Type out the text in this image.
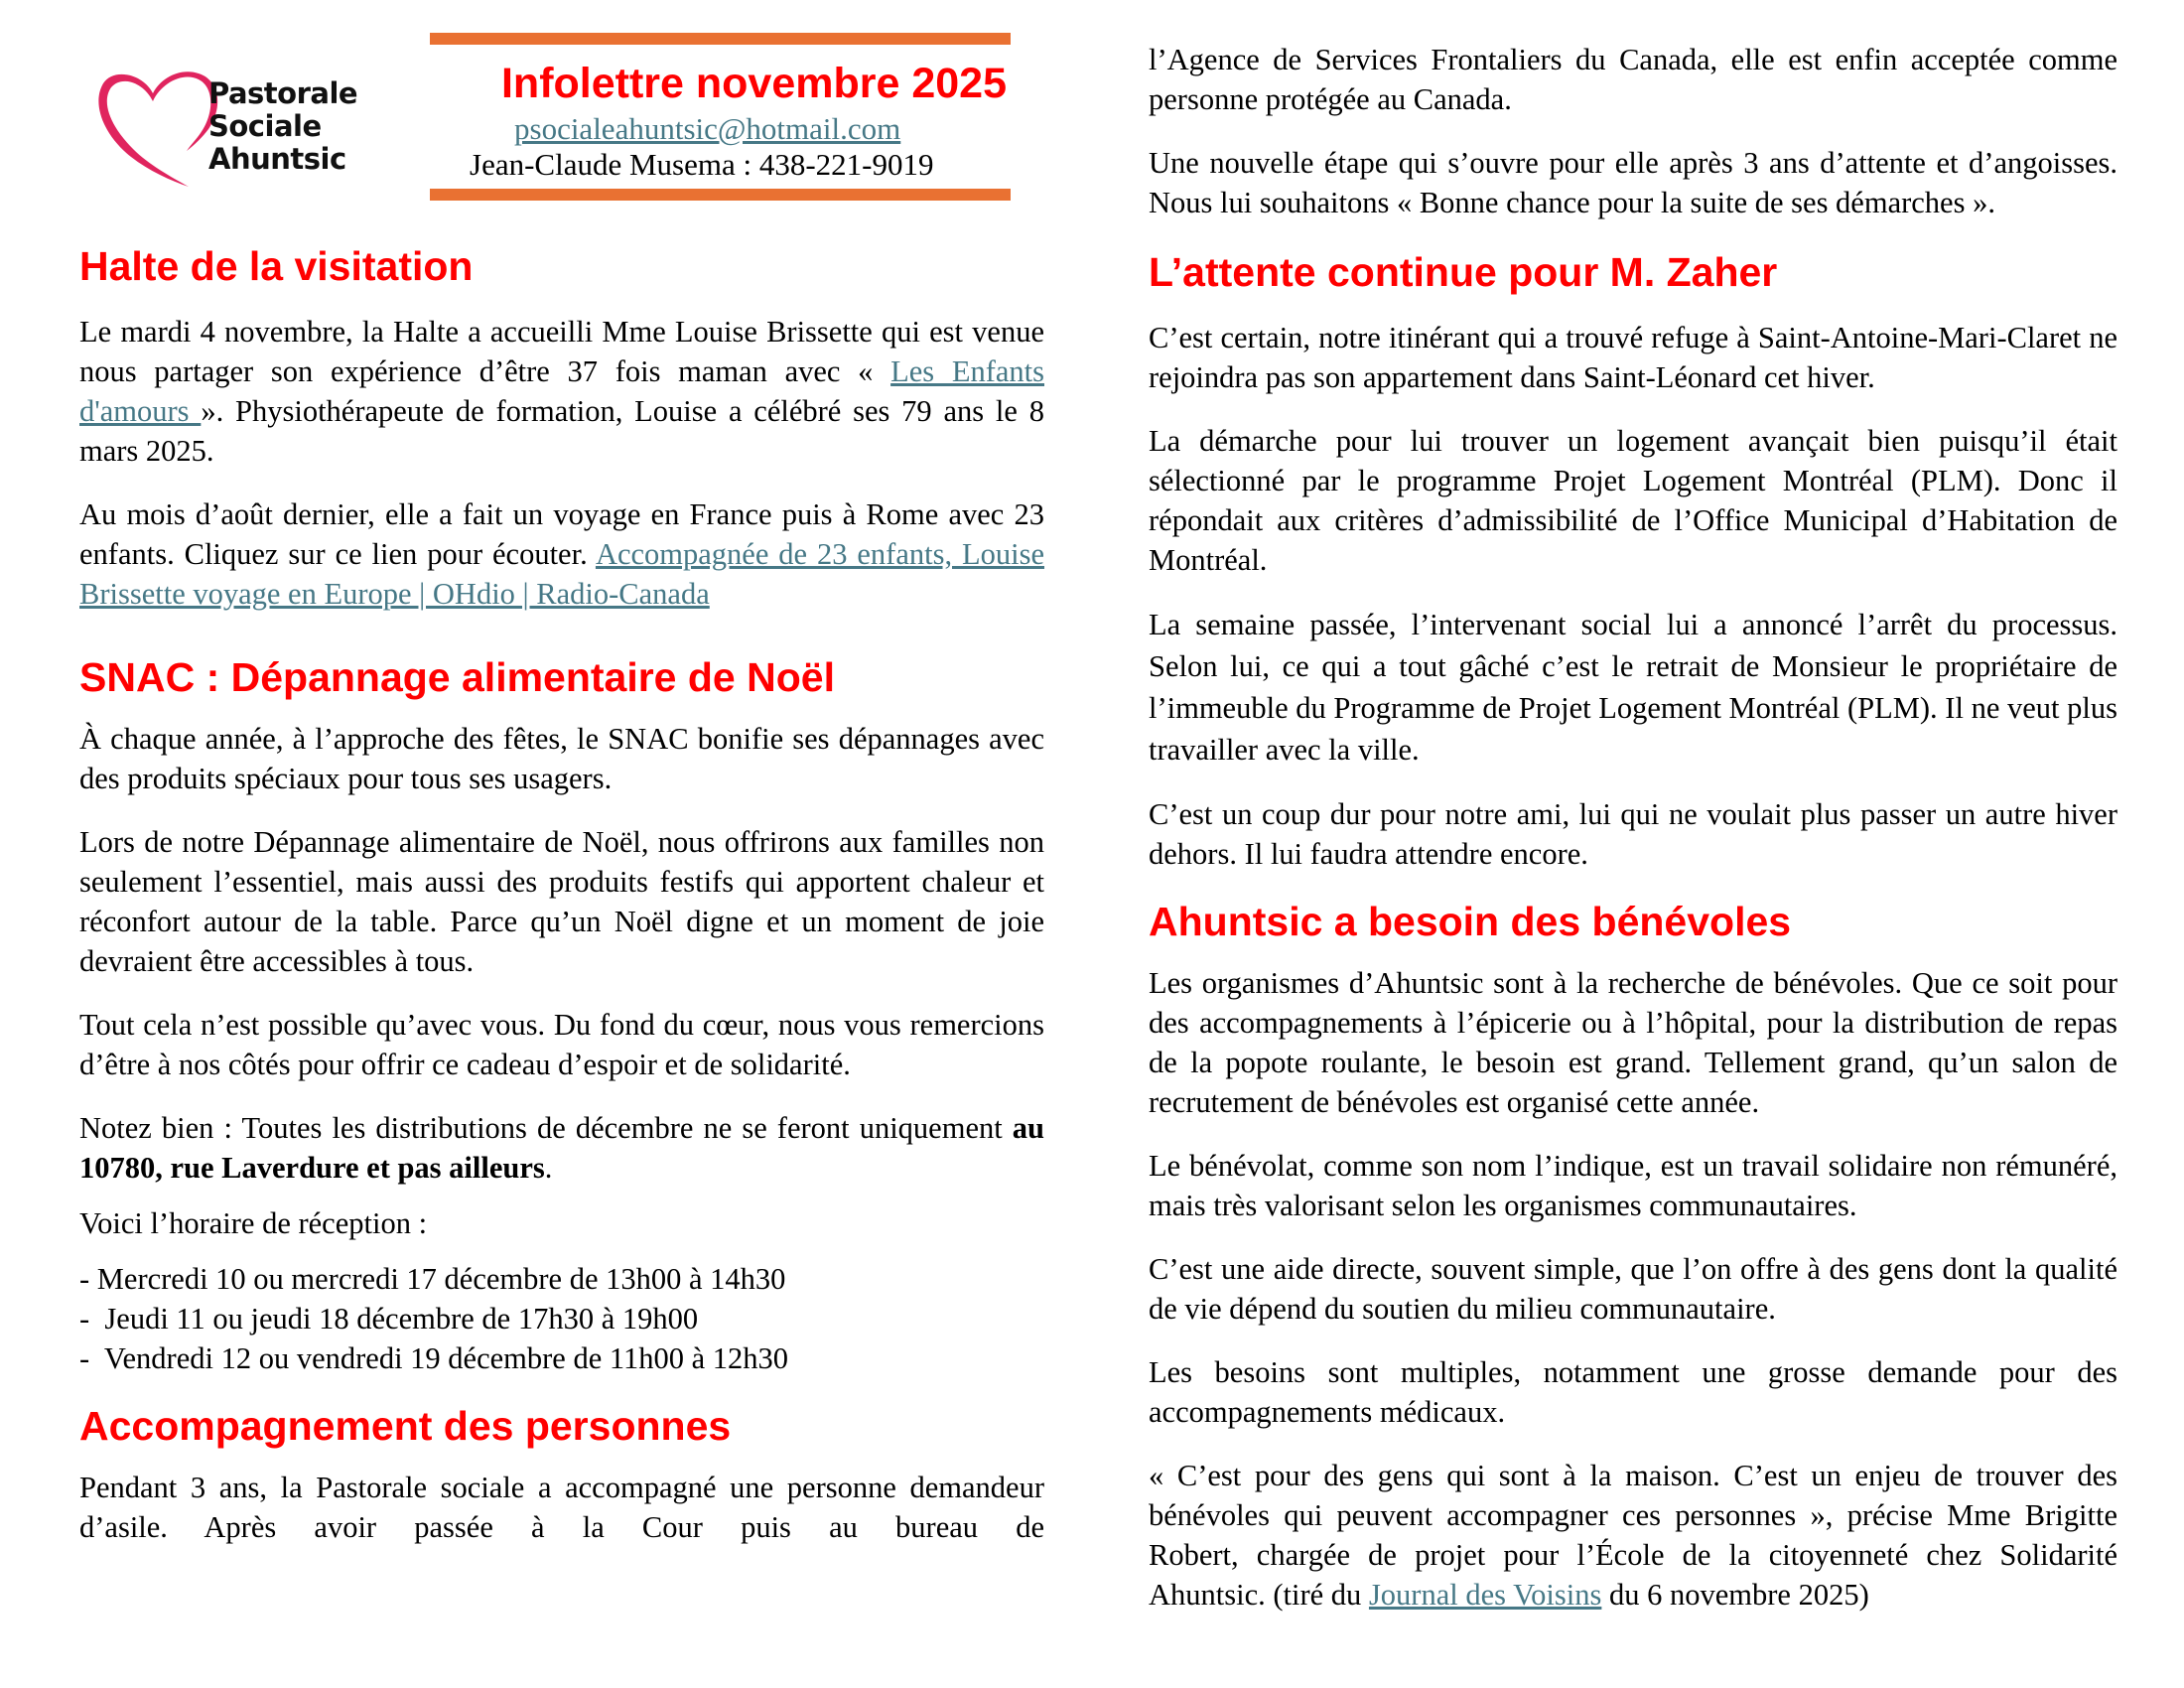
Pastorale
Sociale
Ahuntsic
Infolettre novembre 2025
psocialeahuntsic@hotmail.com
Jean-Claude Musema : 438-221-9019
Halte de la visitation

Le mardi 4 novembre, la Halte a accueilli Mme Louise Brissette qui est venue nous partager son expérience d’être 37 fois maman avec « Les Enfants d'amours ». Physiothérapeute de formation, Louise a célébré ses 79 ans le 8 mars 2025.

Au mois d’août dernier, elle a fait un voyage en France puis à Rome avec 23 enfants. Cliquez sur ce lien pour écouter. Accompagnée de 23 enfants, Louise Brissette voyage en Europe | OHdio | Radio-Canada

SNAC : Dépannage alimentaire de Noël

À chaque année, à l’approche des fêtes, le SNAC bonifie ses dépannages avec des produits spéciaux pour tous ses usagers.

Lors de notre Dépannage alimentaire de Noël, nous offrirons aux familles non seulement l’essentiel, mais aussi des produits festifs qui apportent chaleur et réconfort autour de la table. Parce qu’un Noël digne et un moment de joie devraient être accessibles à tous.

Tout cela n’est possible qu’avec vous. Du fond du cœur, nous vous remercions d’être à nos côtés pour offrir ce cadeau d’espoir et de solidarité.

Notez bien : Toutes les distributions de décembre ne se feront uniquement au 10780, rue Laverdure et pas ailleurs.

Voici l’horaire de réception :

- Mercredi 10 ou mercredi 17 décembre de 13h00 à 14h30
-  Jeudi 11 ou jeudi 18 décembre de 17h30 à 19h00
-  Vendredi 12 ou vendredi 19 décembre de 11h00 à 12h30
Accompagnement des personnes

Pendant 3 ans, la Pastorale sociale a accompagné une personne demandeur d’asile. Après avoir passée à la Cour puis au bureau de

l’Agence de Services Frontaliers du Canada, elle est enfin acceptée comme personne protégée au Canada.

Une nouvelle étape qui s’ouvre pour elle après 3 ans d’attente et d’angoisses. Nous lui souhaitons « Bonne chance pour la suite de ses démarches ».

L’attente continue pour M. Zaher

C’est certain, notre itinérant qui a trouvé refuge à Saint-Antoine-Mari-Claret ne rejoindra pas son appartement dans Saint-Léonard cet hiver.

La démarche pour lui trouver un logement avançait bien puisqu’il était sélectionné par le programme Projet Logement Montréal (PLM). Donc il répondait aux critères d’admissibilité de l’Office Municipal d’Habitation de Montréal.

La semaine passée, l’intervenant social lui a annoncé l’arrêt du processus. Selon lui, ce qui a tout gâché c’est le retrait de Monsieur le propriétaire de l’immeuble du Programme de Projet Logement Montréal (PLM). Il ne veut plus travailler avec la ville.

C’est un coup dur pour notre ami, lui qui ne voulait plus passer un autre hiver dehors. Il lui faudra attendre encore.

Ahuntsic a besoin des bénévoles

Les organismes d’Ahuntsic sont à la recherche de bénévoles. Que ce soit pour des accompagnements à l’épicerie ou à l’hôpital, pour la distribution de repas de la popote roulante, le besoin est grand. Tellement grand, qu’un salon de recrutement de bénévoles est organisé cette année.

Le bénévolat, comme son nom l’indique, est un travail solidaire non rémunéré, mais très valorisant selon les organismes communautaires.

C’est une aide directe, souvent simple, que l’on offre à des gens dont la qualité de vie dépend du soutien du milieu communautaire.

Les besoins sont multiples, notamment une grosse demande pour des accompagnements médicaux.

« C’est pour des gens qui sont à la maison. C’est un enjeu de trouver des bénévoles qui peuvent accompagner ces personnes », précise Mme Brigitte Robert, chargée de projet pour l’École de la citoyenneté chez Solidarité Ahuntsic. (tiré du Journal des Voisins du 6 novembre 2025)
